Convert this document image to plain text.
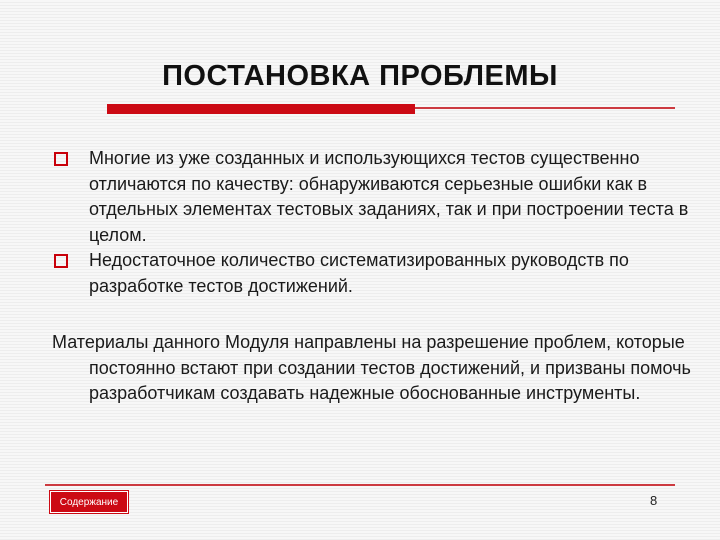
ПОСТАНОВКА ПРОБЛЕМЫ
Многие из уже созданных и использующихся тестов существенно отличаются по качеству: обнаруживаются серьезные ошибки как в отдельных элементах тестовых заданиях, так и при построении теста в целом.
Недостаточное количество систематизированных руководств по разработке тестов достижений.

Материалы данного Модуля направлены на разрешение проблем, которые постоянно встают при создании тестов достижений, и призваны помочь разработчикам создавать надежные обоснованные инструменты.

Содержание	8
